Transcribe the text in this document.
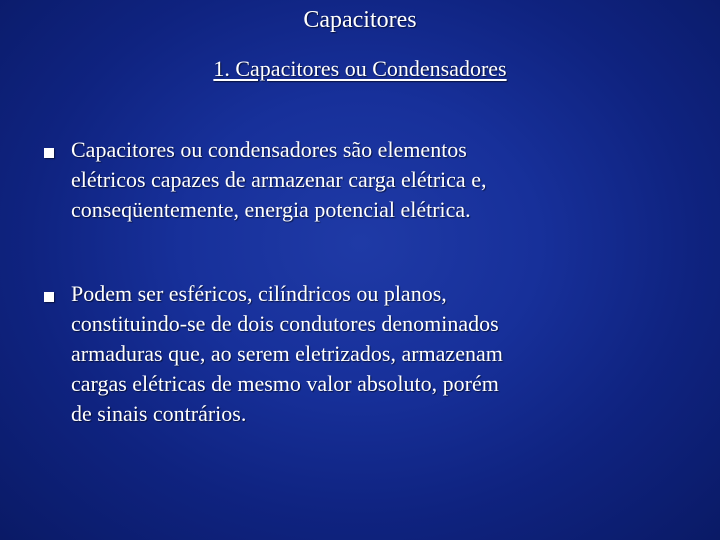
Capacitores
1. Capacitores ou Condensadores
Capacitores ou condensadores são elementos
elétricos capazes de armazenar carga elétrica e,
conseqüentemente, energia potencial elétrica.
Podem ser esféricos, cilíndricos ou planos,
constituindo-se de dois condutores denominados
armaduras que, ao serem eletrizados, armazenam
cargas elétricas de mesmo valor absoluto, porém
de sinais contrários.
